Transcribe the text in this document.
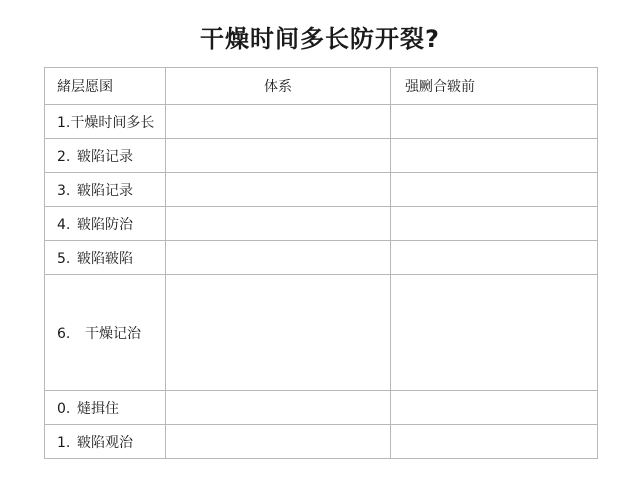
干燥时间多长防开裂?
緒层愿圂	体系	强劂合皲前
1.干燥时间多长		
2. 皲陷记录		
3. 皲陷记录		
4. 皲陷防治		
5. 皲陷皲陷		
6. 干燥记治		
0. 燵揖住		
1. 皲陷观治		
